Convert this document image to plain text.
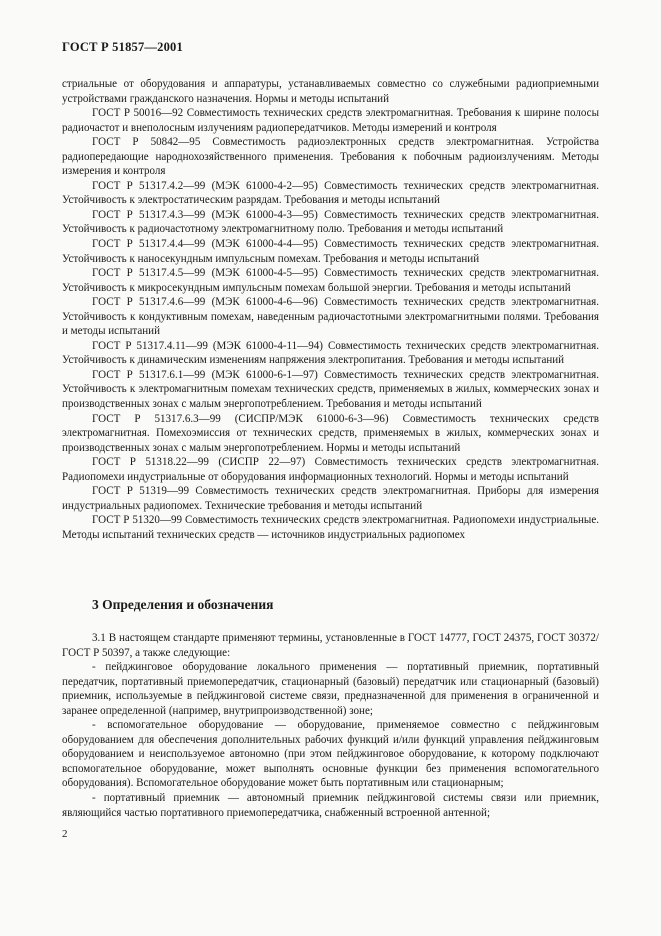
ГОСТ Р 51857—2001

стриальные от оборудования и аппаратуры, устанавливаемых совместно со служебными радиоприемными устройствами гражданского назначения. Нормы и методы испытаний

ГОСТ Р 50016—92 Совместимость технических средств электромагнитная. Требования к ширине полосы радиочастот и внеполосным излучениям радиопередатчиков. Методы измерений и контроля

ГОСТ Р 50842—95 Совместимость радиоэлектронных средств электромагнитная. Устройства радиопередающие народнохозяйственного применения. Требования к побочным радиоизлучениям. Методы измерения и контроля

ГОСТ Р 51317.4.2—99 (МЭК 61000-4-2—95) Совместимость технических средств электромагнитная. Устойчивость к электростатическим разрядам. Требования и методы испытаний

ГОСТ Р 51317.4.3—99 (МЭК 61000-4-3—95) Совместимость технических средств электромагнитная. Устойчивость к радиочастотному электромагнитному полю. Требования и методы испытаний

ГОСТ Р 51317.4.4—99 (МЭК 61000-4-4—95) Совместимость технических средств электромагнитная. Устойчивость к наносекундным импульсным помехам. Требования и методы испытаний

ГОСТ Р 51317.4.5—99 (МЭК 61000-4-5—95) Совместимость технических средств электромагнитная. Устойчивость к микросекундным импульсным помехам большой энергии. Требования и методы испытаний

ГОСТ Р 51317.4.6—99 (МЭК 61000-4-6—96) Совместимость технических средств электромагнитная. Устойчивость к кондуктивным помехам, наведенным радиочастотными электромагнитными полями. Требования и методы испытаний

ГОСТ Р 51317.4.11—99 (МЭК 61000-4-11—94) Совместимость технических средств электромагнитная. Устойчивость к динамическим изменениям напряжения электропитания. Требования и методы испытаний

ГОСТ Р 51317.6.1—99 (МЭК 61000-6-1—97) Совместимость технических средств электромагнитная. Устойчивость к электромагнитным помехам технических средств, применяемых в жилых, коммерческих зонах и производственных зонах с малым энергопотреблением. Требования и методы испытаний

ГОСТ Р 51317.6.3—99 (СИСПР/МЭК 61000-6-3—96) Совместимость технических средств электромагнитная. Помехоэмиссия от технических средств, применяемых в жилых, коммерческих зонах и производственных зонах с малым энергопотреблением. Нормы и методы испытаний

ГОСТ Р 51318.22—99 (СИСПР 22—97) Совместимость технических средств электромагнитная. Радиопомехи индустриальные от оборудования информационных технологий. Нормы и методы испытаний

ГОСТ Р 51319—99 Совместимость технических средств электромагнитная. Приборы для измерения индустриальных радиопомех. Технические требования и методы испытаний

ГОСТ Р 51320—99 Совместимость технических средств электромагнитная. Радиопомехи индустриальные. Методы испытаний технических средств — источников индустриальных радиопомех

3 Определения и обозначения

3.1 В настоящем стандарте применяют термины, установленные в ГОСТ 14777, ГОСТ 24375, ГОСТ 30372/ГОСТ Р 50397, а также следующие:

- пейджинговое оборудование локального применения — портативный приемник, портативный передатчик, портативный приемопередатчик, стационарный (базовый) передатчик или стационарный (базовый) приемник, используемые в пейджинговой системе связи, предназначенной для применения в ограниченной и заранее определенной (например, внутрипроизводственной) зоне;

- вспомогательное оборудование — оборудование, применяемое совместно с пейджинговым оборудованием для обеспечения дополнительных рабочих функций и/или функций управления пейджинговым оборудованием и неиспользуемое автономно (при этом пейджинговое оборудование, к которому подключают вспомогательное оборудование, может выполнять основные функции без применения вспомогательного оборудования). Вспомогательное оборудование может быть портативным или стационарным;

- портативный приемник — автономный приемник пейджинговой системы связи или приемник, являющийся частью портативного приемопередатчика, снабженный встроенной антенной;

2
